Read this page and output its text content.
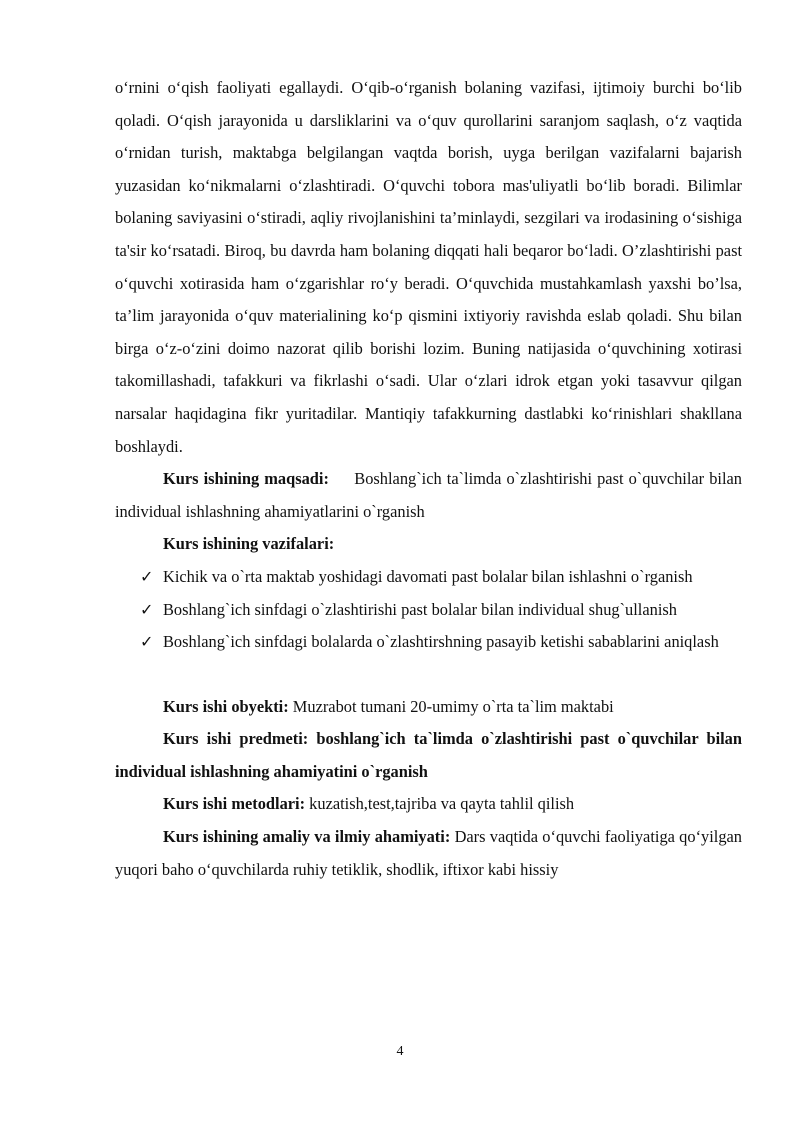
o‘rnini o‘qish faoliyati egallaydi. O‘qib-o‘rganish bolaning vazifasi, ijtimoiy burchi bo‘lib qoladi. O‘qish jarayonida u darsliklarini va o‘quv qurollarini saranjom saqlash, o‘z vaqtida o‘rnidan turish, maktabga belgilangan vaqtda borish, uyga berilgan vazifalarni bajarish yuzasidan ko‘nikmalarni o‘zlashtiradi. O‘quvchi tobora mas'uliyatli bo‘lib boradi. Bilimlar bolaning saviyasini o‘stiradi, aqliy rivojlanishini ta’minlaydi, sezgilari va irodasining o‘sishiga ta'sir ko‘rsatadi. Biroq, bu davrda ham bolaning diqqati hali beqaror bo‘ladi. O’zlashtirishi past o‘quvchi xotirasida ham o‘zgarishlar ro‘y beradi. O‘quvchida mustahkamlash yaxshi bo’lsa, ta’lim jarayonida o‘quv materialining ko‘p qismini ixtiyoriy ravishda eslab qoladi. Shu bilan birga o‘z-o‘zini doimo nazorat qilib borishi lozim. Buning natijasida o‘quvchining xotirasi takomillashadi, tafakkuri va fikrlashi o‘sadi. Ular o‘zlari idrok etgan yoki tasavvur qilgan narsalar haqidagina fikr yuritadilar. Mantiqiy tafakkurning dastlabki ko‘rinishlari shakllana boshlaydi.

Kurs ishining maqsadi: Boshlang`ich ta`limda o`zlashtirishi past o`quvchilar bilan individual ishlashning ahamiyatlarini o`rganish

Kurs ishining vazifalari:

✓ Kichik va o`rta maktab yoshidagi davomati past bolalar bilan ishlashni o`rganish
✓ Boshlang`ich sinfdagi o`zlashtirishi past bolalar bilan individual shug`ullanish
✓ Boshlang`ich sinfdagi bolalarda o`zlashtirshning pasayib ketishi sabablarini aniqlash

Kurs ishi obyekti: Muzrabot tumani 20-umimy o`rta ta`lim maktabi

Kurs ishi predmeti: boshlang`ich ta`limda o`zlashtirishi past o`quvchilar bilan individual ishlashning ahamiyatini o`rganish

Kurs ishi metodlari: kuzatish,test,tajriba va qayta tahlil qilish

Kurs ishining amaliy va ilmiy ahamiyati: Dars vaqtida o‘quvchi faoliyatiga qo‘yilgan yuqori baho o‘quvchilarda ruhiy tetiklik, shodlik, iftixor kabi hissiy

4
